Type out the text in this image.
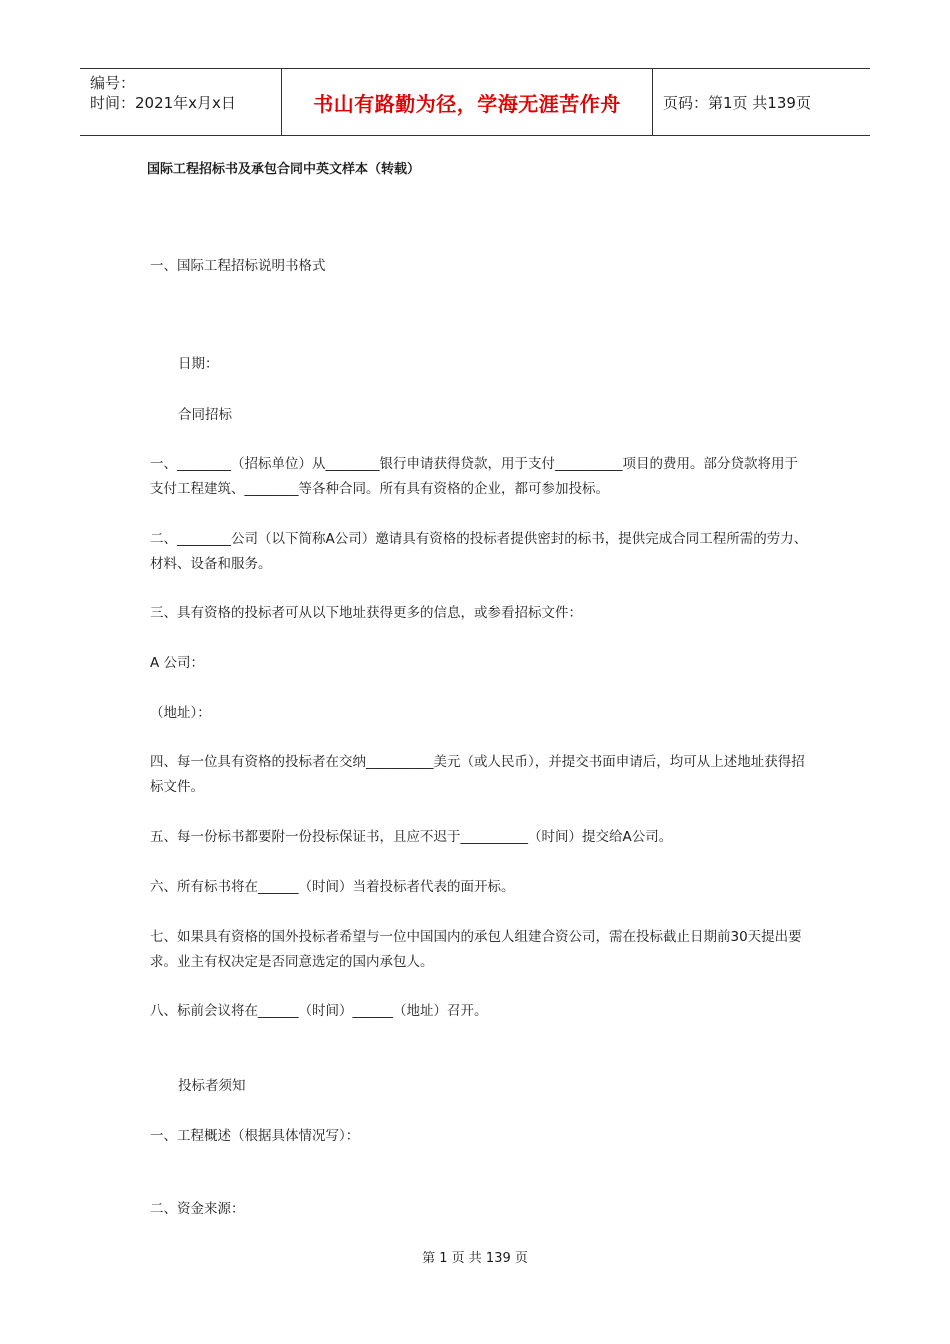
编号：
时间：2021年x月x日	书山有路勤为径，学海无涯苦作舟	页码：第1页 共139页
国际工程招标书及承包合同中英文样本（转载）
一、国际工程招标说明书格式
日期：
合同招标
一、________（招标单位）从________银行申请获得贷款，用于支付__________项目的费用。部分贷款将用于支付工程建筑、________等各种合同。所有具有资格的企业，都可参加投标。
二、________公司（以下简称A公司）邀请具有资格的投标者提供密封的标书，提供完成合同工程所需的劳力、材料、设备和服务。
三、具有资格的投标者可从以下地址获得更多的信息，或参看招标文件：
A 公司：
（地址）：
四、每一位具有资格的投标者在交纳__________美元（或人民币），并提交书面申请后，均可从上述地址获得招标文件。
五、每一份标书都要附一份投标保证书，且应不迟于__________（时间）提交给A公司。
六、所有标书将在______（时间）当着投标者代表的面开标。
七、如果具有资格的国外投标者希望与一位中国国内的承包人组建合资公司，需在投标截止日期前30天提出要求。业主有权决定是否同意选定的国内承包人。
八、标前会议将在______（时间）______（地址）召开。
投标者须知
一、工程概述（根据具体情况写）：
二、资金来源：
第 1 页 共 139 页
